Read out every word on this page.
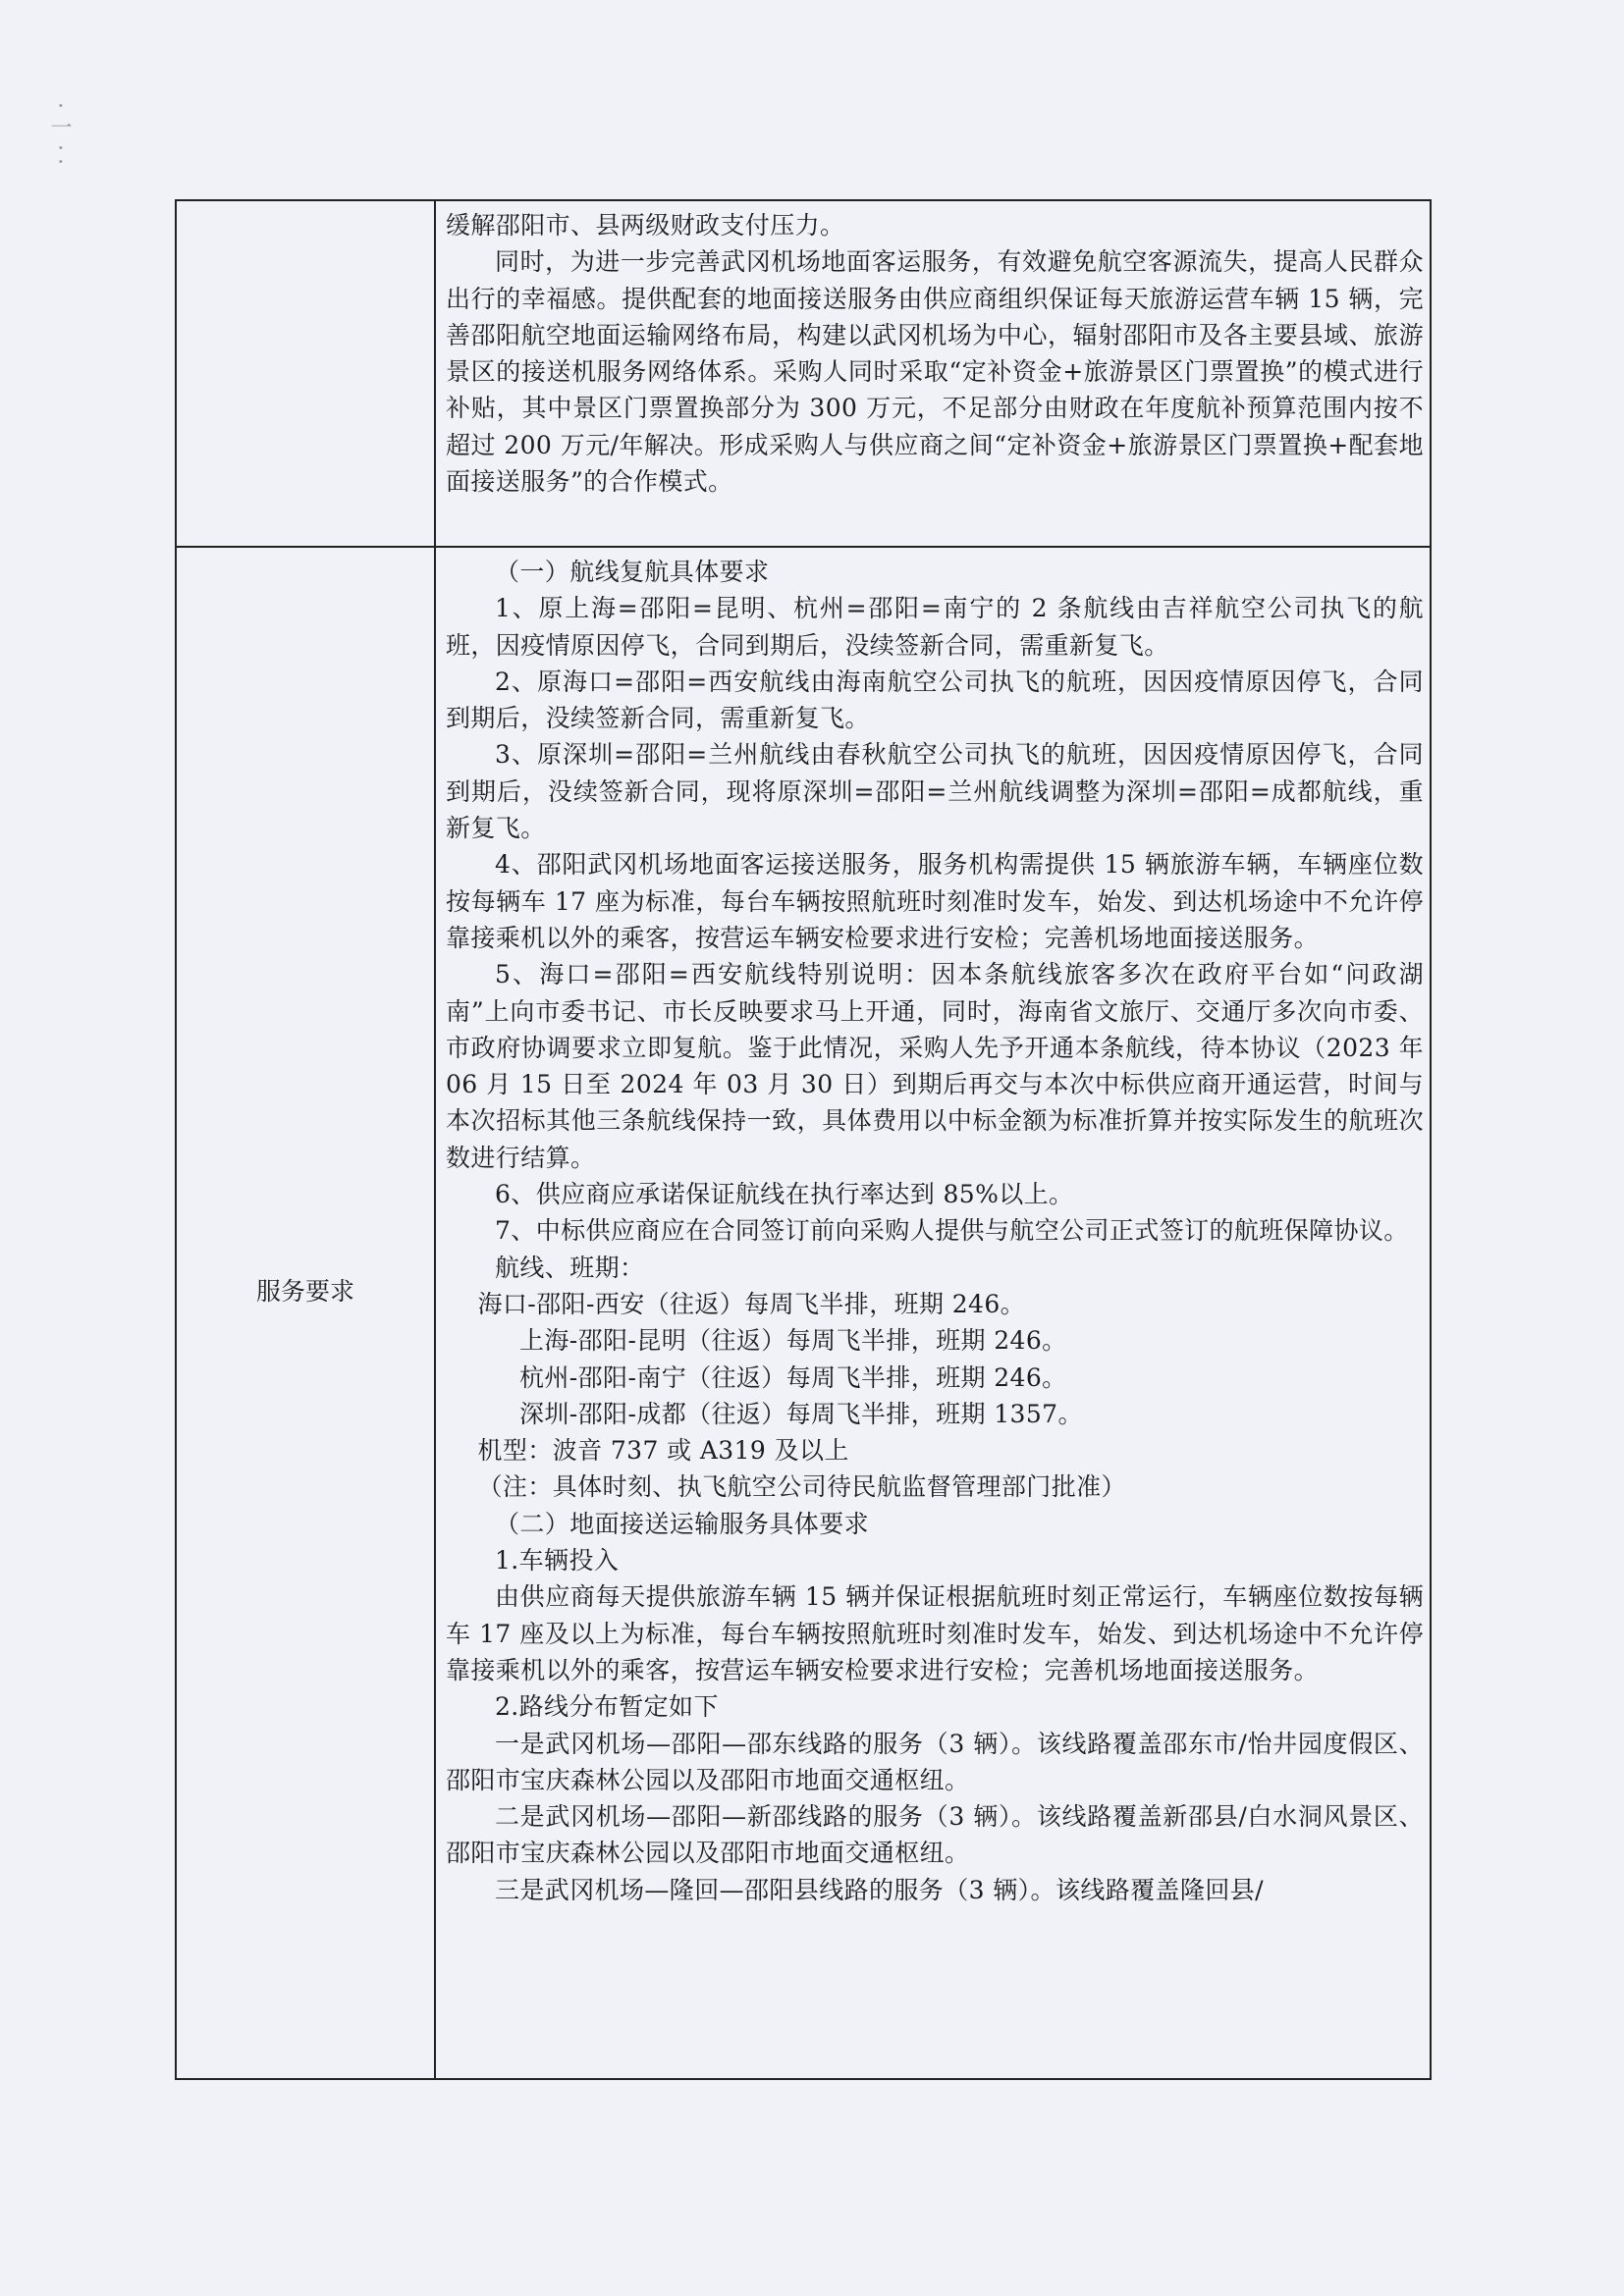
· 一 · ·
服务要求

缓解邵阳市、县两级财政支付压力。

同时，为进一步完善武冈机场地面客运服务，有效避免航空客源流失，提高人民群众出行的幸福感。提供配套的地面接送服务由供应商组织保证每天旅游运营车辆 15 辆，完善邵阳航空地面运输网络布局，构建以武冈机场为中心，辐射邵阳市及各主要县域、旅游景区的接送机服务网络体系。采购人同时采取“定补资金+旅游景区门票置换”的模式进行补贴，其中景区门票置换部分为 300 万元，不足部分由财政在年度航补预算范围内按不超过 200 万元/年解决。形成采购人与供应商之间“定补资金+旅游景区门票置换+配套地面接送服务”的合作模式。

（一）航线复航具体要求

1、原上海=邵阳=昆明、杭州=邵阳=南宁的 2 条航线由吉祥航空公司执飞的航班，因疫情原因停飞，合同到期后，没续签新合同，需重新复飞。

2、原海口=邵阳=西安航线由海南航空公司执飞的航班，因因疫情原因停飞，合同到期后，没续签新合同，需重新复飞。

3、原深圳=邵阳=兰州航线由春秋航空公司执飞的航班，因因疫情原因停飞，合同到期后，没续签新合同，现将原深圳=邵阳=兰州航线调整为深圳=邵阳=成都航线，重新复飞。

4、邵阳武冈机场地面客运接送服务，服务机构需提供 15 辆旅游车辆，车辆座位数按每辆车 17 座为标准，每台车辆按照航班时刻准时发车，始发、到达机场途中不允许停靠接乘机以外的乘客，按营运车辆安检要求进行安检；完善机场地面接送服务。

5、海口=邵阳=西安航线特别说明：因本条航线旅客多次在政府平台如“问政湖南”上向市委书记、市长反映要求马上开通，同时，海南省文旅厅、交通厅多次向市委、市政府协调要求立即复航。鉴于此情况，采购人先予开通本条航线，待本协议（2023 年 06 月 15 日至 2024 年 03 月 30 日）到期后再交与本次中标供应商开通运营，时间与本次招标其他三条航线保持一致，具体费用以中标金额为标准折算并按实际发生的航班次数进行结算。

6、供应商应承诺保证航线在执行率达到 85%以上。

7、中标供应商应在合同签订前向采购人提供与航空公司正式签订的航班保障协议。

航线、班期：

海口-邵阳-西安（往返）每周飞半排，班期 246。

上海-邵阳-昆明（往返）每周飞半排，班期 246。

杭州-邵阳-南宁（往返）每周飞半排，班期 246。

深圳-邵阳-成都（往返）每周飞半排，班期 1357。

机型：波音 737 或 A319 及以上

（注：具体时刻、执飞航空公司待民航监督管理部门批准）

（二）地面接送运输服务具体要求

1.车辆投入

由供应商每天提供旅游车辆 15 辆并保证根据航班时刻正常运行，车辆座位数按每辆车 17 座及以上为标准，每台车辆按照航班时刻准时发车，始发、到达机场途中不允许停靠接乘机以外的乘客，按营运车辆安检要求进行安检；完善机场地面接送服务。

2.路线分布暂定如下

一是武冈机场—邵阳—邵东线路的服务（3 辆）。该线路覆盖邵东市/怡井园度假区、邵阳市宝庆森林公园以及邵阳市地面交通枢纽。

二是武冈机场—邵阳—新邵线路的服务（3 辆）。该线路覆盖新邵县/白水洞风景区、邵阳市宝庆森林公园以及邵阳市地面交通枢纽。

三是武冈机场—隆回—邵阳县线路的服务（3 辆）。该线路覆盖隆回县/
